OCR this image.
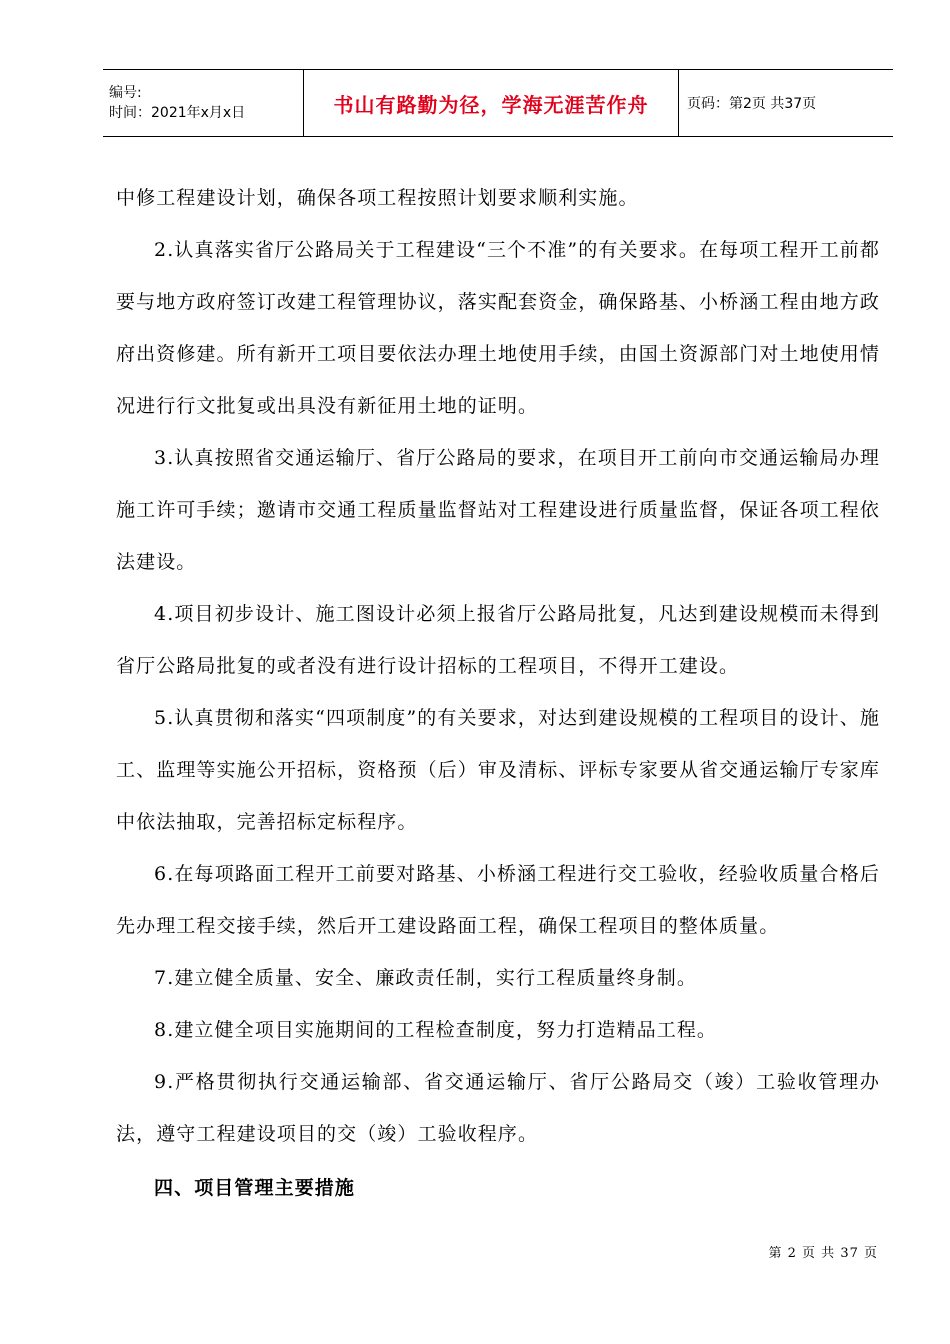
编号:
时间：2021年x月x日	书山有路勤为径，学海无涯苦作舟	页码：第2页 共37页

中修工程建设计划，确保各项工程按照计划要求顺利实施。

2.认真落实省厅公路局关于工程建设“三个不准”的有关要求。在每项工程开工前都要与地方政府签订改建工程管理协议，落实配套资金，确保路基、小桥涵工程由地方政府出资修建。所有新开工项目要依法办理土地使用手续，由国土资源部门对土地使用情况进行行文批复或出具没有新征用土地的证明。

3.认真按照省交通运输厅、省厅公路局的要求，在项目开工前向市交通运输局办理施工许可手续；邀请市交通工程质量监督站对工程建设进行质量监督，保证各项工程依法建设。

4.项目初步设计、施工图设计必须上报省厅公路局批复，凡达到建设规模而未得到省厅公路局批复的或者没有进行设计招标的工程项目，不得开工建设。

5.认真贯彻和落实“四项制度”的有关要求，对达到建设规模的工程项目的设计、施工、监理等实施公开招标，资格预（后）审及清标、评标专家要从省交通运输厅专家库中依法抽取，完善招标定标程序。

6.在每项路面工程开工前要对路基、小桥涵工程进行交工验收，经验收质量合格后先办理工程交接手续，然后开工建设路面工程，确保工程项目的整体质量。

7.建立健全质量、安全、廉政责任制，实行工程质量终身制。

8.建立健全项目实施期间的工程检查制度，努力打造精品工程。

9.严格贯彻执行交通运输部、省交通运输厅、省厅公路局交（竣）工验收管理办法，遵守工程建设项目的交（竣）工验收程序。

四、项目管理主要措施

第 2 页 共 37 页
